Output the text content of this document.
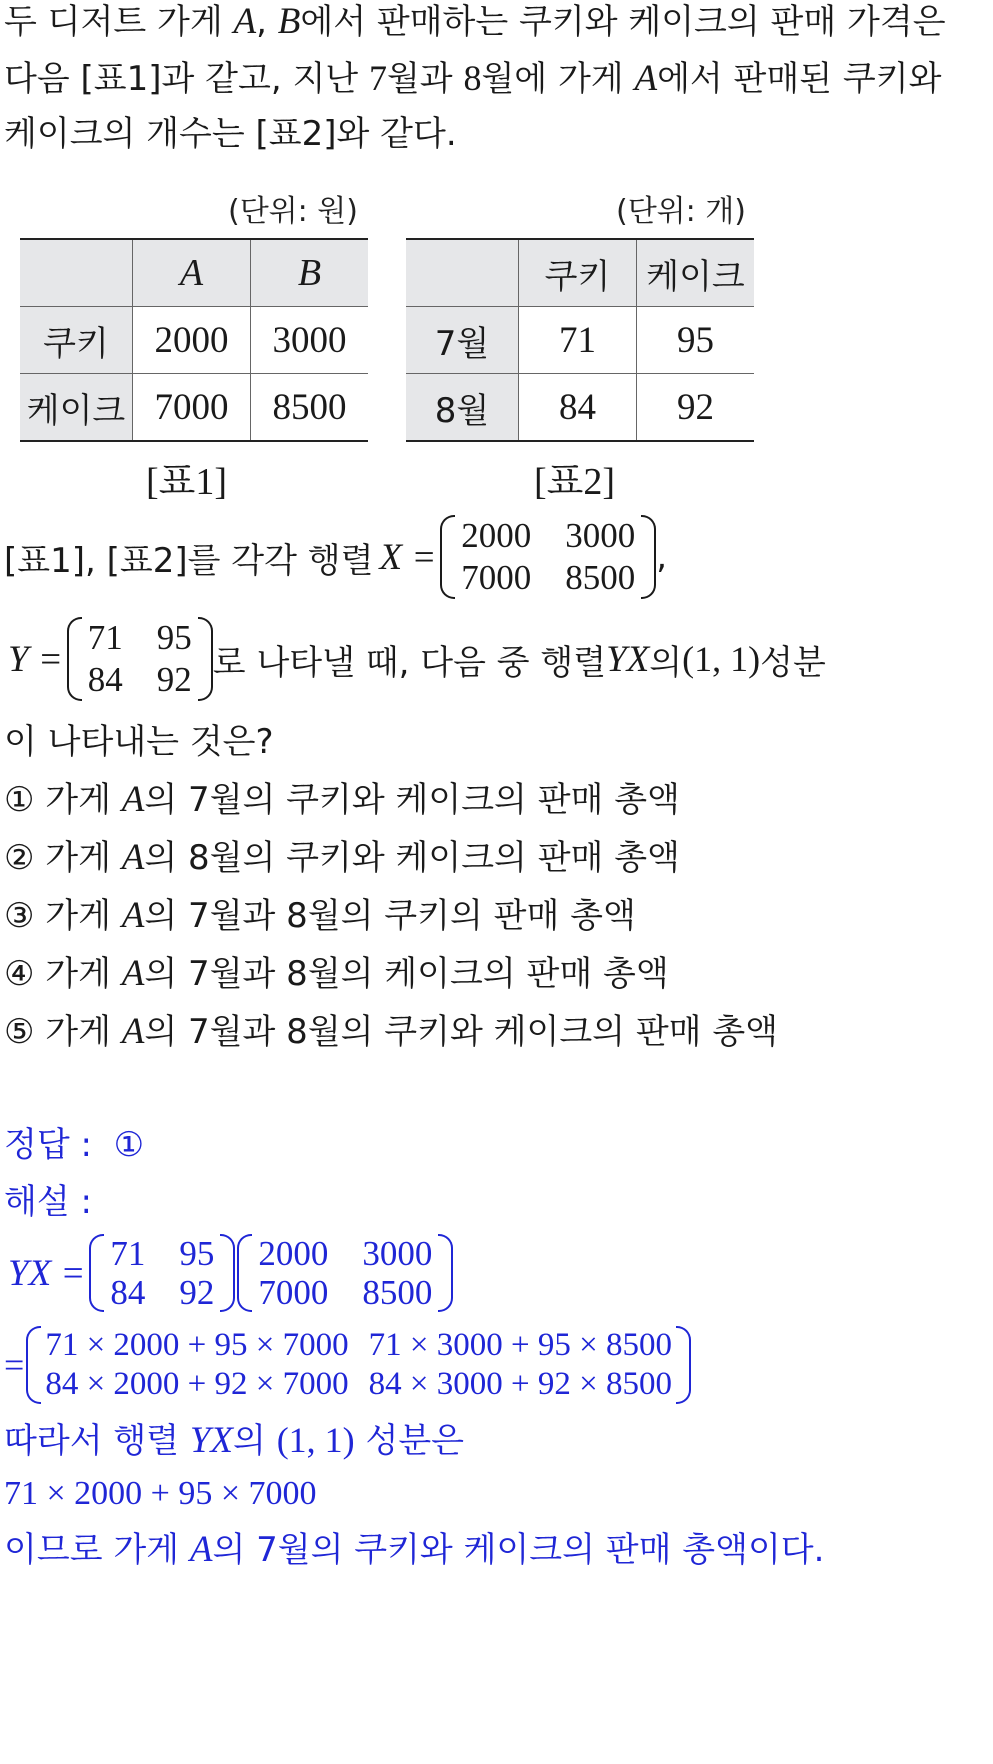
두 디저트 가게 A, B에서 판매하는 쿠키와 케이크의 판매 가격은
다음 [표1]과 같고, 지난 7월과 8월에 가게 A에서 판매된 쿠키와
케이크의 개수는 [표2]와 같다.
(단위: 원)
	A	B
쿠키	2000	3000
케이크	7000	8500
[표1]
(단위: 개)
	쿠키	케이크
7월	71	95
8월	84	92
[표2]
[표1], [표2]를 각각 행렬 X =
2000 3000
7000 8500
,
Y =
71 95
84 92 로 나타낼 때, 다음 중 행렬 YX 의 (1, 1) 성분
이 나타내는 것은?
① 가게 A의 7월의 쿠키와 케이크의 판매 총액
② 가게 A의 8월의 쿠키와 케이크의 판매 총액
③ 가게 A의 7월과 8월의 쿠키의 판매 총액
④ 가게 A의 7월과 8월의 케이크의 판매 총액
⑤ 가게 A의 7월과 8월의 쿠키와 케이크의 판매 총액
정답 : ①
해설 :
YX = 71 95
84 92
2000 3000
7000 8500
= 71 × 2000 + 95 × 7000 71 × 3000 + 95 × 8500
84 × 2000 + 92 × 7000 84 × 3000 + 92 × 8500
따라서 행렬 YX의 (1, 1) 성분은
71 × 2000 + 95 × 7000
이므로 가게 A의 7월의 쿠키와 케이크의 판매 총액이다.
